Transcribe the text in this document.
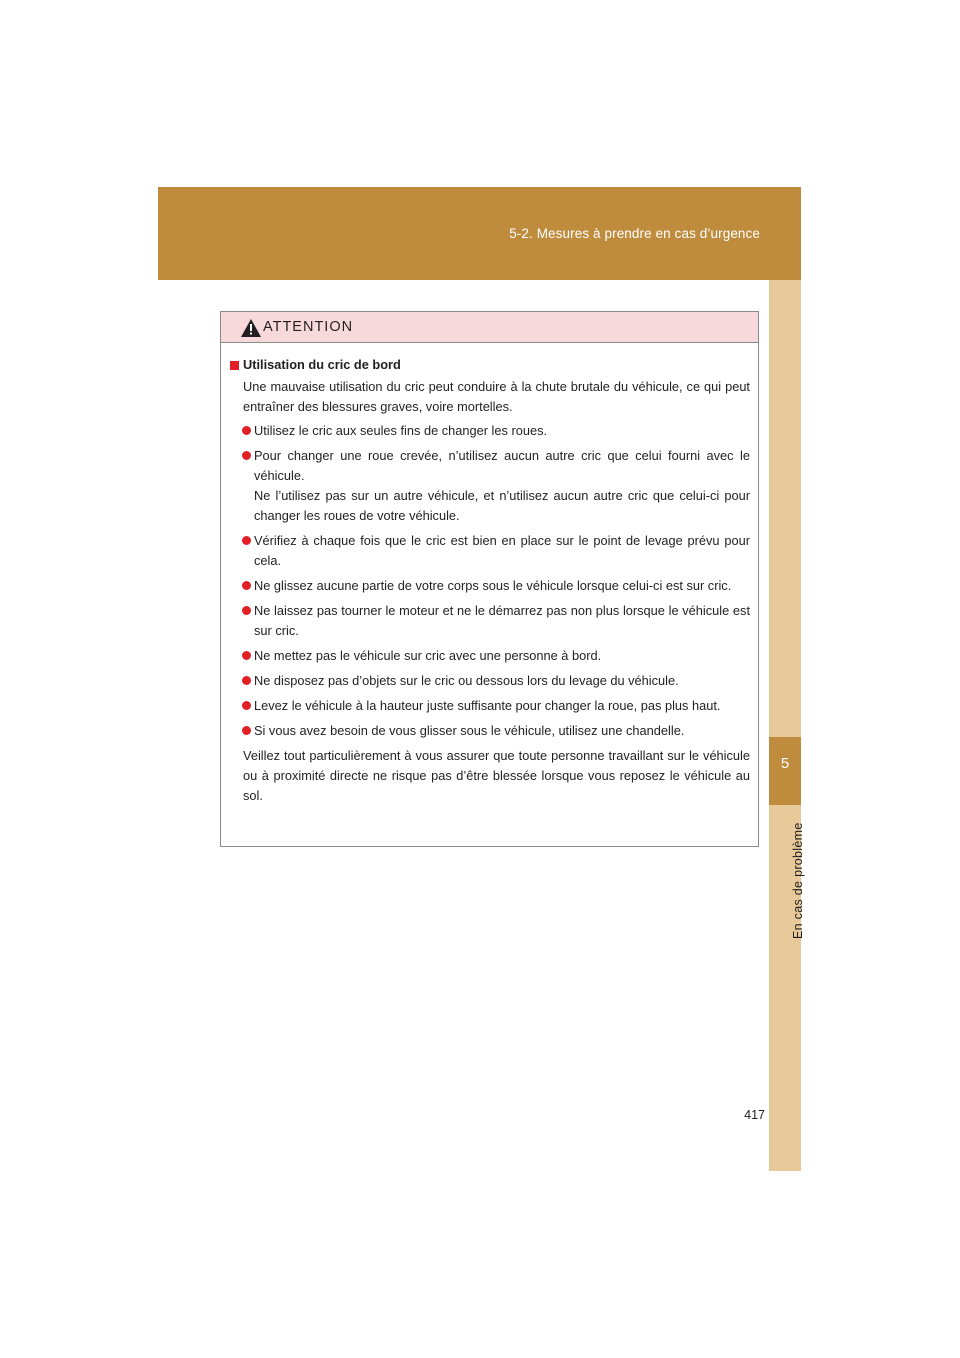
5-2. Mesures à prendre en cas d’urgence
5
En cas de problème
ATTENTION

Utilisation du cric de bord

Une mauvaise utilisation du cric peut conduire à la chute brutale du véhicule, ce qui peut entraîner des blessures graves, voire mortelles.

Utilisez le cric aux seules fins de changer les roues.
Pour changer une roue crevée, n’utilisez aucun autre cric que celui fourni avec le véhicule.
Ne l’utilisez pas sur un autre véhicule, et n’utilisez aucun autre cric que celui-ci pour changer les roues de votre véhicule.
Vérifiez à chaque fois que le cric est bien en place sur le point de levage prévu pour cela.
Ne glissez aucune partie de votre corps sous le véhicule lorsque celui-ci est sur cric.
Ne laissez pas tourner le moteur et ne le démarrez pas non plus lorsque le véhicule est sur cric.
Ne mettez pas le véhicule sur cric avec une personne à bord.
Ne disposez pas d’objets sur le cric ou dessous lors du levage du véhicule.
Levez le véhicule à la hauteur juste suffisante pour changer la roue, pas plus haut.
Si vous avez besoin de vous glisser sous le véhicule, utilisez une chandelle.

Veillez tout particulièrement à vous assurer que toute personne travaillant sur le véhicule ou à proximité directe ne risque pas d’être blessée lorsque vous reposez le véhicule au sol.

417
